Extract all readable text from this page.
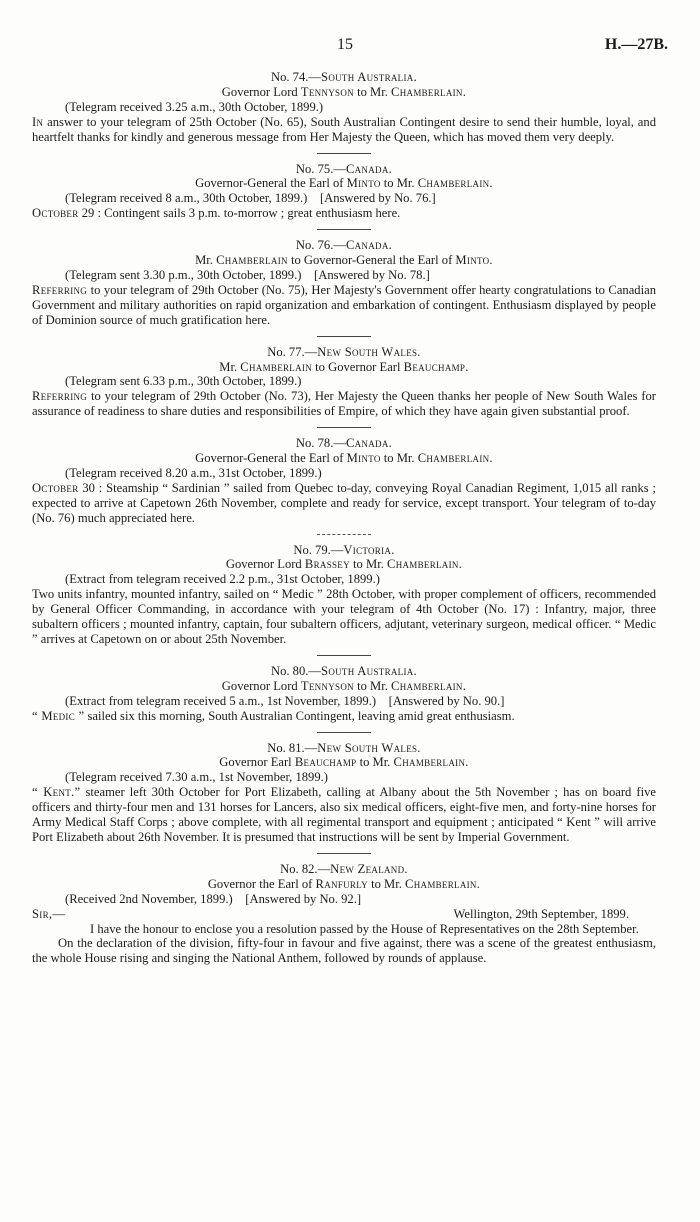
15	H.—27B.
No. 74.—South Australia.
Governor Lord Tennyson to Mr. Chamberlain.
(Telegram received 3.25 a.m., 30th October, 1899.)
In answer to your telegram of 25th October (No. 65), South Australian Contingent desire to send their humble, loyal, and heartfelt thanks for kindly and generous message from Her Majesty the Queen, which has moved them very deeply.
No. 75.—Canada.
Governor-General the Earl of Minto to Mr. Chamberlain.
(Telegram received 8 a.m., 30th October, 1899.)    [Answered by No. 76.]
October 29 : Contingent sails 3 p.m. to-morrow ; great enthusiasm here.
No. 76.—Canada.
Mr. Chamberlain to Governor-General the Earl of Minto.
(Telegram sent 3.30 p.m., 30th October, 1899.)    [Answered by No. 78.]
Referring to your telegram of 29th October (No. 75), Her Majesty's Government offer hearty congratulations to Canadian Government and military authorities on rapid organization and embarkation of contingent. Enthusiasm displayed by people of Dominion source of much gratification here.
No. 77.—New South Wales.
Mr. Chamberlain to Governor Earl Beauchamp.
(Telegram sent 6.33 p.m., 30th October, 1899.)
Referring to your telegram of 29th October (No. 73), Her Majesty the Queen thanks her people of New South Wales for assurance of readiness to share duties and responsibilities of Empire, of which they have again given substantial proof.
No. 78.—Canada.
Governor-General the Earl of Minto to Mr. Chamberlain.
(Telegram received 8.20 a.m., 31st October, 1899.)
October 30 : Steamship “ Sardinian ” sailed from Quebec to-day, conveying Royal Canadian Regiment, 1,015 all ranks ; expected to arrive at Capetown 26th November, complete and ready for service, except transport. Your telegram of to-day (No. 76) much appreciated here.
No. 79.—Victoria.
Governor Lord Brassey to Mr. Chamberlain.
(Extract from telegram received 2.2 p.m., 31st October, 1899.)
Two units infantry, mounted infantry, sailed on “ Medic ” 28th October, with proper complement of officers, recommended by General Officer Commanding, in accordance with your telegram of 4th October (No. 17) : Infantry, major, three subaltern officers ; mounted infantry, captain, four subaltern officers, adjutant, veterinary surgeon, medical officer. “ Medic ” arrives at Capetown on or about 25th November.
No. 80.—South Australia.
Governor Lord Tennyson to Mr. Chamberlain.
(Extract from telegram received 5 a.m., 1st November, 1899.)    [Answered by No. 90.]
“ Medic ” sailed six this morning, South Australian Contingent, leaving amid great enthusiasm.
No. 81.—New South Wales.
Governor Earl Beauchamp to Mr. Chamberlain.
(Telegram received 7.30 a.m., 1st November, 1899.)
“ Kent.” steamer left 30th October for Port Elizabeth, calling at Albany about the 5th November ; has on board five officers and thirty-four men and 131 horses for Lancers, also six medical officers, eight-five men, and forty-nine horses for Army Medical Staff Corps ; above complete, with all regimental transport and equipment ; anticipated “ Kent ” will arrive Port Elizabeth about 26th November. It is presumed that instructions will be sent by Imperial Government.
No. 82.—New Zealand.
Governor the Earl of Ranfurly to Mr. Chamberlain.
(Received 2nd November, 1899.)    [Answered by No. 92.]
Sir,—	Wellington, 29th September, 1899.
I have the honour to enclose you a resolution passed by the House of Representatives on the 28th September.
On the declaration of the division, fifty-four in favour and five against, there was a scene of the greatest enthusiasm, the whole House rising and singing the National Anthem, followed by rounds of applause.
